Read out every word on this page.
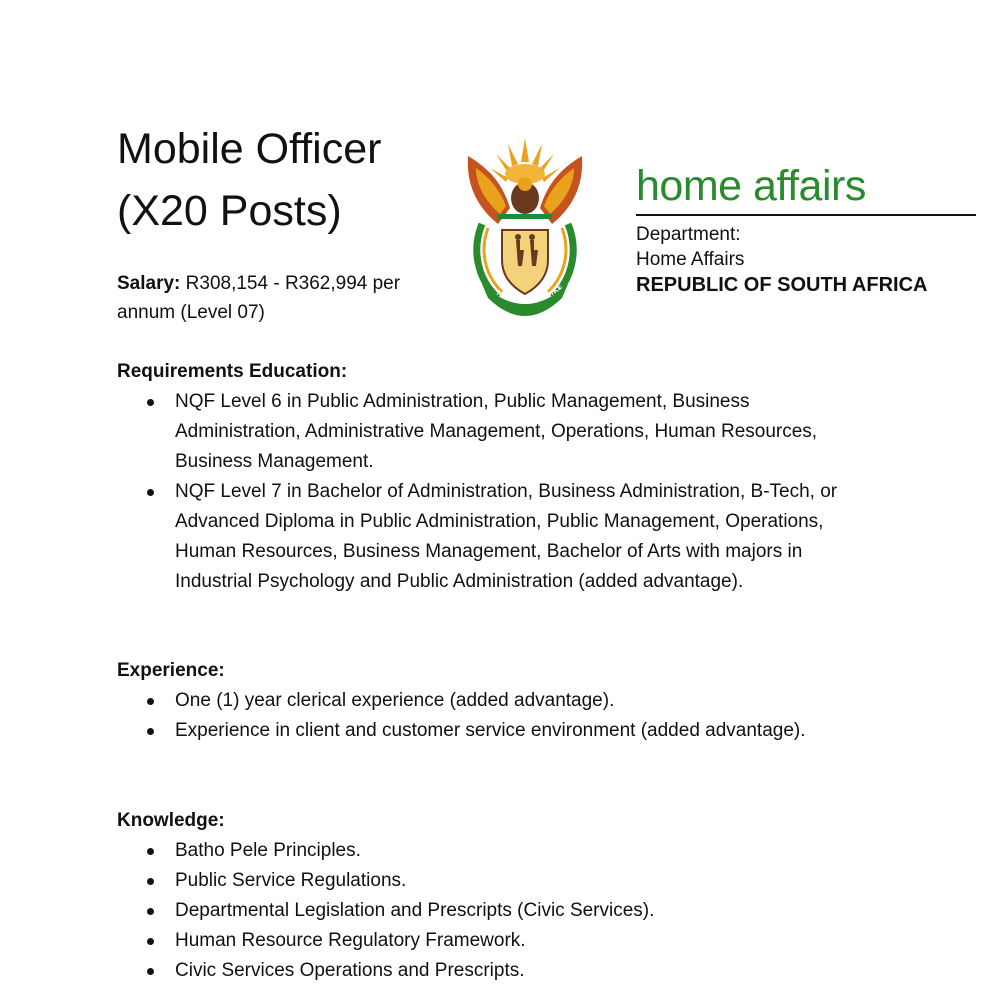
Mobile Officer
(X20 Posts)
Salary: R308,154 - R362,994 per annum (Level 07)
!KE E: /XARRA //KE
home affairs
Department:
Home Affairs
REPUBLIC OF SOUTH AFRICA
Requirements Education:
NQF Level 6 in Public Administration, Public Management, Business Administration, Administrative Management, Operations, Human Resources, Business Management.
NQF Level 7 in Bachelor of Administration, Business Administration, B-Tech, or Advanced Diploma in Public Administration, Public Management, Operations, Human Resources, Business Management, Bachelor of Arts with majors in Industrial Psychology and Public Administration (added advantage).
Experience:
One (1) year clerical experience (added advantage).
Experience in client and customer service environment (added advantage).
Knowledge:
Batho Pele Principles.
Public Service Regulations.
Departmental Legislation and Prescripts (Civic Services).
Human Resource Regulatory Framework.
Civic Services Operations and Prescripts.
